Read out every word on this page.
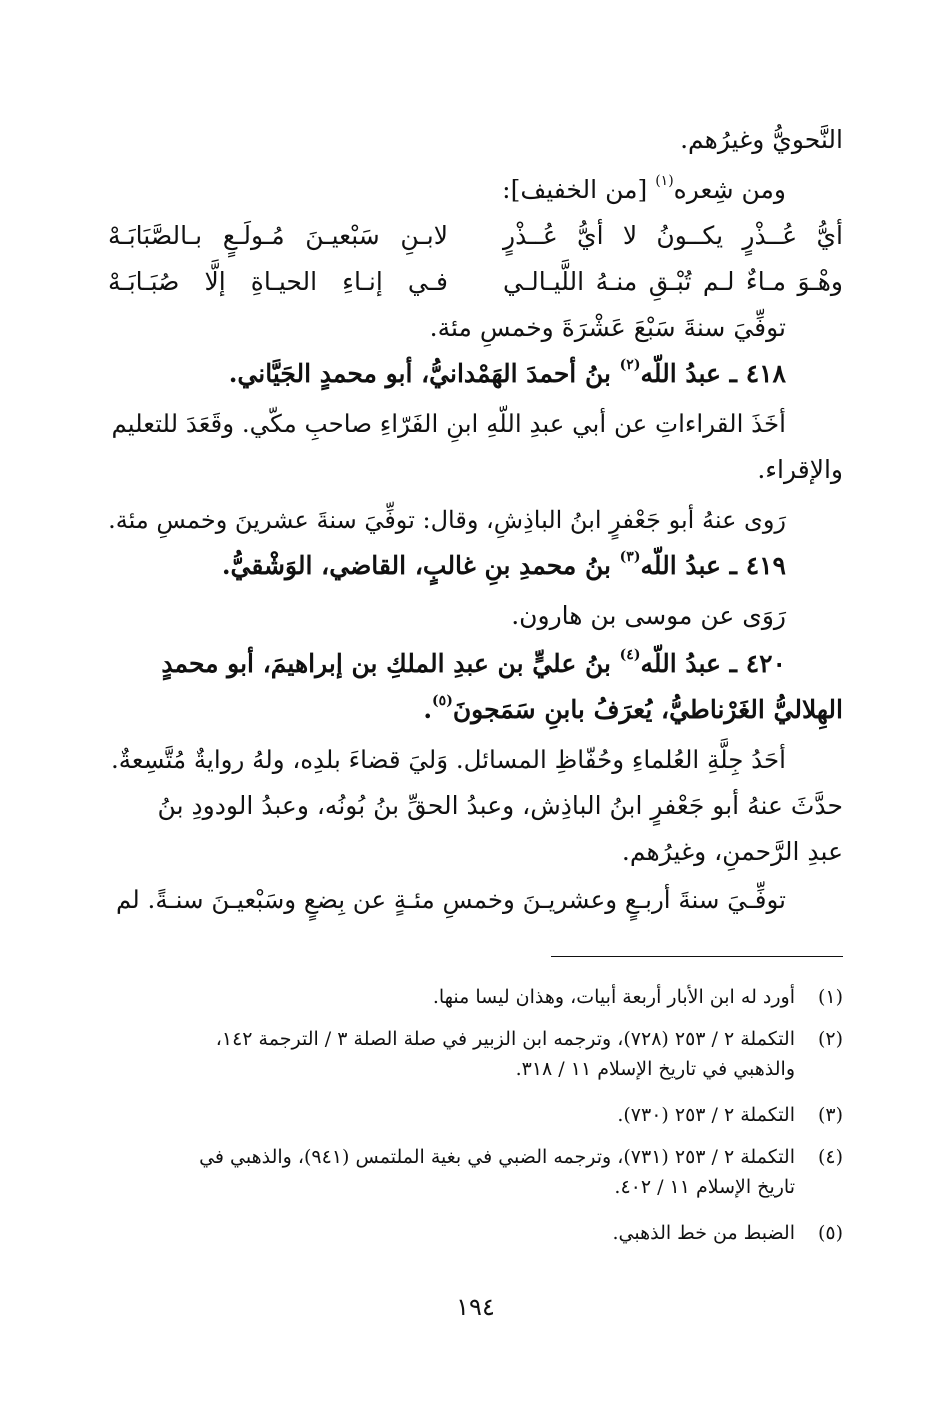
النَّحويُّ وغيرُهم.
ومن شِعره$^{(١)}$ [من الخفيف]:
أيُّ عُــذْرٍ يكــونُ لا أيُّ عُــذْرٍ
لابـنِ سَبْعيـنَ مُـولَـعٍ بـالصَّبَابَـهْ
وهْـوَ مـاءٌ لـم تُبْـقِ منـهُ اللَّيـالـي
فـي إنـاءِ الحيـاةِ إلَّا صُبَـابَـهْ
توفِّيَ سنةَ سَبْعَ عَشْرَةَ وخمسِ مئة.
٤١٨ ـ عبدُ اللّه$^{(٢)}$ بنُ أحمدَ الهَمْدانيُّ، أبو محمدٍ الجَيَّاني.
أخَذَ القراءاتِ عن أبي عبدِ اللّهِ ابنِ الفَرّاءِ صاحبِ مكّي. وقَعَدَ للتعليم
والإقراء.
رَوى عنهُ أبو جَعْفرٍ ابنُ الباذِشِ، وقال: توفِّيَ سنةَ عشرينَ وخمسِ مئة.
٤١٩ ـ عبدُ اللّه$^{(٣)}$ بنُ محمدِ بنِ غالبٍ، القاضي، الوَشْقيُّ.
رَوَى عن موسى بن هارون.
٤٢٠ ـ عبدُ اللّه$^{(٤)}$ بنُ عليٍّ بن عبدِ الملكِ بن إبراهيمَ، أبو محمدٍ
الهِلاليُّ الغَرْناطيُّ، يُعرَفُ بابنِ سَمَجونَ$^{(٥)}$.
أحَدُ جِلَّةِ العُلماءِ وحُفّاظِ المسائل. وَليَ قضاءَ بلدِه، ولهُ روايةٌ مُتَّسِعةٌ.
حدَّثَ عنهُ أبو جَعْفرٍ ابنُ الباذِش، وعبدُ الحقِّ بنُ بُونُه، وعبدُ الودودِ بنُ
عبدِ الرَّحمنِ، وغيرُهم.
توفِّـيَ سنةَ أربـعٍ وعشريـنَ وخمسِ مئـةٍ عن بِضعٍ وسَبْعيـنَ سنـةً. لم
(١)
أورد له ابن الأبار أربعة أبيات، وهذان ليسا منها.
(٢)
التكملة ٢ / ٢٥٣ (٧٢٨)، وترجمه ابن الزبير في صلة الصلة ٣ / الترجمة ١٤٢،
والذهبي في تاريخ الإسلام ١١ / ٣١٨.
(٣)
التكملة ٢ / ٢٥٣ (٧٣٠).
(٤)
التكملة ٢ / ٢٥٣ (٧٣١)، وترجمه الضبي في بغية الملتمس (٩٤١)، والذهبي في
تاريخ الإسلام ١١ / ٤٠٢.
(٥)
الضبط من خط الذهبي.
١٩٤
